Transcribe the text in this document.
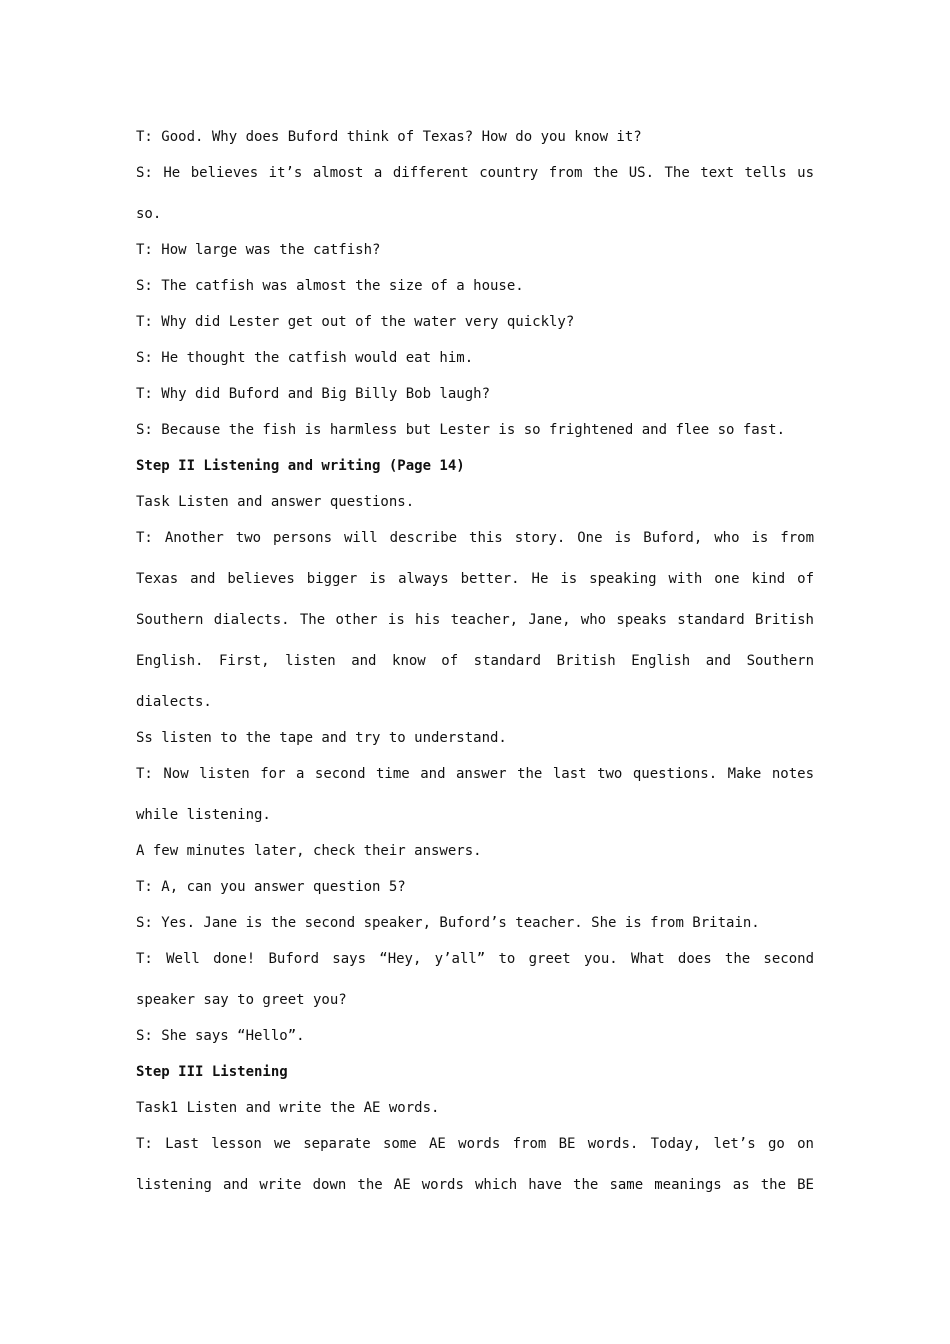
T: Good. Why does Buford think of Texas? How do you know it?
S: He believes it’s almost a different country from the US. The text tells us
so.
T: How large was the catfish?
S: The catfish was almost the size of a house.
T: Why did Lester get out of the water very quickly?
S: He thought the catfish would eat him.
T: Why did Buford and Big Billy Bob laugh?
S: Because the fish is harmless but Lester is so frightened and flee so fast.
Step II Listening and writing (Page 14)
Task Listen and answer questions.
T: Another two persons will describe this story. One is Buford, who is from
Texas and believes bigger is always better. He is speaking with one kind of
Southern dialects. The other is his teacher, Jane, who speaks standard British
English. First, listen and know of standard British English and Southern
dialects.
Ss listen to the tape and try to understand.
T: Now listen for a second time and answer the last two questions. Make notes
while listening.
A few minutes later, check their answers.
T: A, can you answer question 5?
S: Yes. Jane is the second speaker, Buford’s teacher. She is from Britain.
T: Well done! Buford says “Hey, y’all” to greet you. What does the second
speaker say to greet you?
S: She says “Hello”.
Step III Listening
Task1 Listen and write the AE words.
T: Last lesson we separate some AE words from BE words. Today, let’s go on
listening and write down the AE words which have the same meanings as the BE
